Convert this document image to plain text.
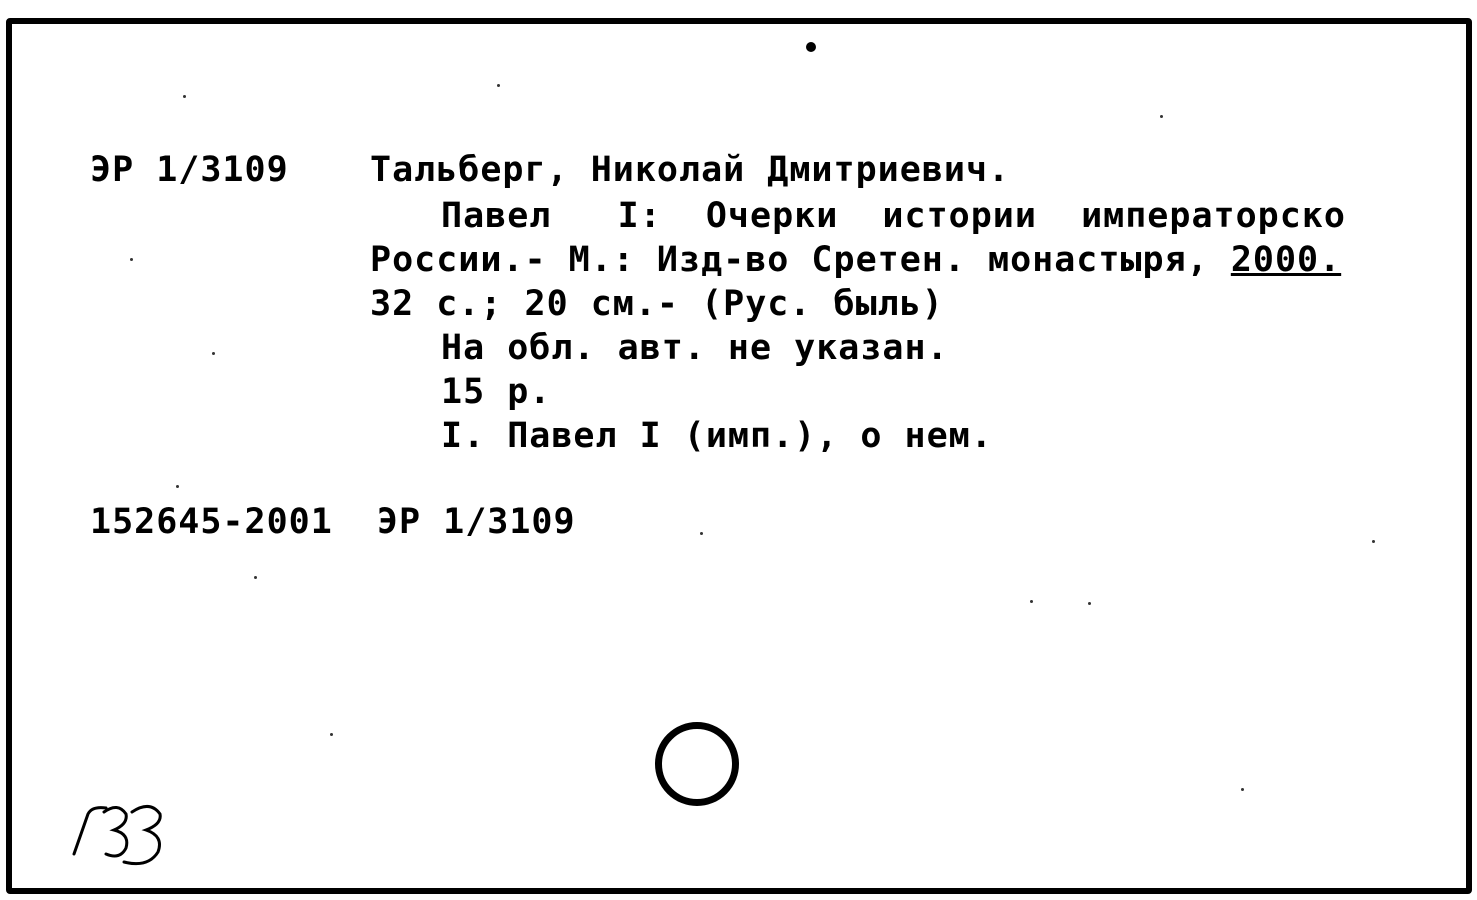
ЭР 1/3109 Тальберг, Николай Дмитриевич.
Павел   I:  Очерки  истории  императорско
России.- М.: Изд-во Сретен. монастыря, 2000.
32 с.; 20 см.- (Рус. быль)
На обл. авт. не указан.
15 р.
I. Павел I (имп.), о нем.
152645-2001  ЭР 1/3109
